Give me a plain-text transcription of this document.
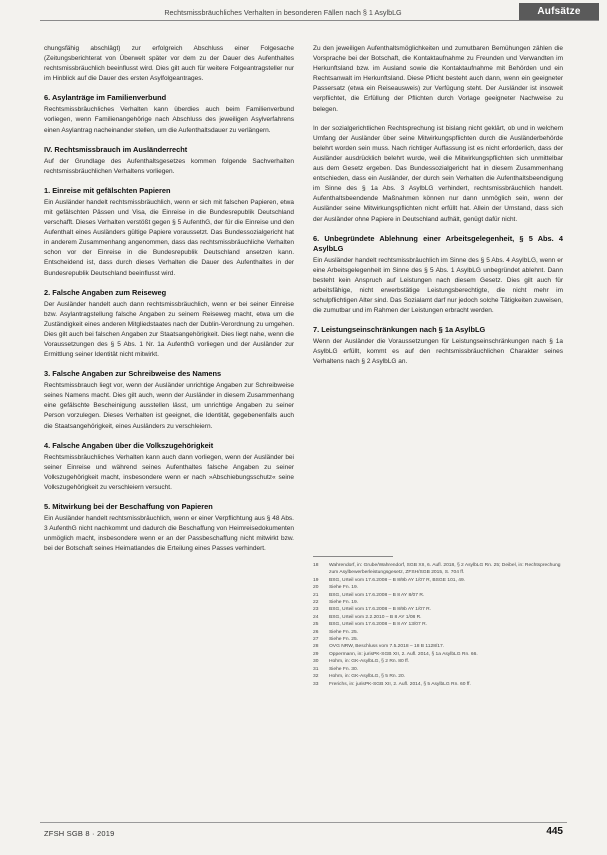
Rechtsmissbräuchliches Verhalten in besonderen Fällen nach § 1 AsylbLG	Aufsätze

chungsfähig abschlägt) zur erfolgreich Abschluss einer Folgesache (Zeitungsberichterat von Überwelt später vor dem zu der Dauer des Aufenthaltes rechtsmissbräuchlich beeinflusst wird. Dies gilt auch für weitere Folgeantragsteller nur im Hinblick auf die Dauer des ersten Asylfolgeantrages.

6. Asylanträge im Familienverbund

Rechtsmissbräuchliches Verhalten kann überdies auch beim Familienverbund vorliegen, wenn Familienangehörige nach Abschluss des jeweiligen Asylverfahrens einen Asylantrag nacheinander stellen, um die Aufenthaltsdauer zu verlängern.

IV. Rechtsmissbrauch im Ausländerrecht

Auf der Grundlage des Aufenthaltsgesetzes kommen folgende Sachverhalten rechtsmissbräuchlichen Verhaltens vorliegen.

1. Einreise mit gefälschten Papieren

Ein Ausländer handelt rechtsmissbräuchlich, wenn er sich mit falschen Papieren, etwa mit gefälschten Pässen und Visa, die Einreise in die Bundesrepublik Deutschland verschafft. Dieses Verhalten verstößt gegen § 5 AufenthG, der für die Einreise und den Aufenthalt eines Ausländers gültige Papiere voraussetzt. Das Bundessozialgericht hat in anderem Zusammenhang angenommen, dass das rechtsmissbräuchliche Verhalten schon vor der Einreise in die Bundesrepublik Deutschland ansetzen kann. Entscheidend ist, dass durch dieses Verhalten die Dauer des Aufenthaltes in der Bundesrepublik Deutschland beeinflusst wird.

2. Falsche Angaben zum Reiseweg

Der Ausländer handelt auch dann rechtsmissbräuchlich, wenn er bei seiner Einreise bzw. Asylantragstellung falsche Angaben zu seinem Reiseweg macht, etwa um die Zuständigkeit eines anderen Mitgliedstaates nach der Dublin-Verordnung zu umgehen. Dies gilt auch bei falschen Angaben zur Staatsangehörigkeit. Dies liegt nahe, wenn die Voraussetzungen des § 5 Abs. 1 Nr. 1a AufenthG vorliegen und der Ausländer zur Ermittlung seiner Identität nicht mitwirkt.

3. Falsche Angaben zur Schreibweise des Namens

Rechtsmissbrauch liegt vor, wenn der Ausländer unrichtige Angaben zur Schreibweise seines Namens macht. Dies gilt auch, wenn der Ausländer in diesem Zusammenhang eine gefälschte Bescheinigung ausstellen lässt, um unrichtige Angaben zu seiner Person vorzulegen. Dieses Verhalten ist geeignet, die Identität, gegebenenfalls auch die Staatsangehörigkeit, eines Ausländers zu verschleiern.

4. Falsche Angaben über die Volkszugehörigkeit

Rechtsmissbräuchliches Verhalten kann auch dann vorliegen, wenn der Ausländer bei seiner Einreise und während seines Aufenthaltes falsche Angaben zu seiner Volkszugehörigkeit macht, insbesondere wenn er nach »Abschiebungsschutz« seine Volkszugehörigkeit zu verschleiern versucht.

5. Mitwirkung bei der Beschaffung von Papieren

Ein Ausländer handelt rechtsmissbräuchlich, wenn er einer Verpflichtung aus § 48 Abs. 3 AufenthG nicht nachkommt und dadurch die Beschaffung von Heimreisedokumenten unmöglich macht, insbesondere wenn er an der Passbeschaffung nicht mitwirkt bzw. bei der Botschaft seines Heimatlandes die Erteilung eines Passes verhindert.

Zu den jeweiligen Aufenthaltsmöglichkeiten und zumutbaren Bemühungen zählen die Vorsprache bei der Botschaft, die Kontaktaufnahme zu Freunden und Verwandten im Herkunftsland bzw. im Ausland sowie die Kontaktaufnahme mit Behörden und ein Rechtsanwalt im Herkunftsland. Diese Pflicht besteht auch dann, wenn ein geeigneter Passersatz (etwa ein Reiseausweis) zur Verfügung steht. Der Ausländer ist insoweit verpflichtet, die Erfüllung der Pflichten durch Vorlage geeigneter Nachweise zu belegen.

In der sozialgerichtlichen Rechtsprechung ist bislang nicht geklärt, ob und in welchem Umfang der Ausländer über seine Mitwirkungspflichten durch die Ausländerbehörde belehrt worden sein muss. Nach richtiger Auffassung ist es nicht erforderlich, dass der Ausländer ausdrücklich belehrt wurde, weil die Mitwirkungspflichten sich unmittelbar aus dem Gesetz ergeben. Das Bundessozialgericht hat in diesem Zusammenhang entschieden, dass ein Ausländer, der durch sein Verhalten die Aufenthaltsbeendigung im Sinne des § 1a Abs. 3 AsylbLG verhindert, rechtsmissbräuchlich handelt. Aufenthaltsbeendende Maßnahmen können nur dann unmöglich sein, wenn der Ausländer seine Mitwirkungspflichten nicht erfüllt hat. Allein der Umstand, dass sich der Ausländer ohne Papiere in Deutschland aufhält, genügt dafür nicht.

6. Unbegründete Ablehnung einer Arbeitsgelegenheit, § 5 Abs. 4 AsylbLG

Ein Ausländer handelt rechtsmissbräuchlich im Sinne des § 5 Abs. 4 AsylbLG, wenn er eine Arbeitsgelegenheit im Sinne des § 5 Abs. 1 AsylbLG unbegründet ablehnt. Dann besteht kein Anspruch auf Leistungen nach diesem Gesetz. Dies gilt auch für arbeitsfähige, nicht erwerbstätige Leistungsberechtigte, die nicht mehr im schulpflichtigen Alter sind. Das Sozialamt darf nur jedoch solche Tätigkeiten zuweisen, die zumutbar und im Rahmen der Leistungen erbracht werden.

7. Leistungseinschränkungen nach § 1a AsylbLG

Wenn der Ausländer die Voraussetzungen für Leistungseinschränkungen nach § 1a AsylbLG erfüllt, kommt es auf den rechtsmissbräuchlichen Charakter seines Verhaltens nach § 2 AsylbLG an.

18	Wahrendorf, in: Grube/Wahrendorf, SGB XII, 6. Aufl. 2018, § 2 AsylbLG Rn. 25; Deibel, in: Rechtsprechung zum Asylbewerberleistungsgesetz, ZFSH/SGB 2015, S. 704 ff.
19	BSG, Urteil vom 17.6.2008 – B 8/9b AY 1/07 R, BSGE 101, 49.
20	Siehe Fn. 19.
21	BSG, Urteil vom 17.6.2008 – B 8 AY 8/07 R.
22	Siehe Fn. 19.
23	BSG, Urteil vom 17.6.2008 – B 8/9b AY 1/07 R.
24	BSG, Urteil vom 2.2.2010 – B 8 AY 1/08 R.
25	BSG, Urteil vom 17.6.2008 – B 8 AY 13/07 R.
26	Siehe Fn. 25.
27	Siehe Fn. 25.
28	OVG NRW, Beschluss vom 7.5.2018 – 18 B 1128/17.
29	Oppermann, in: jurisPK-SGB XII, 2. Aufl. 2014, § 1a AsylbLG Rn. 66.
30	Hohm, in: GK-AsylbLG, § 2 Rn. 80 ff.
31	Siehe Fn. 30.
32	Hohm, in: GK-AsylbLG, § 5 Rn. 20.
33	Frerichs, in: jurisPK-SGB XII, 2. Aufl. 2014, § 5 AsylbLG Rn. 60 ff.
ZFSH SGB 8 · 2019	445
